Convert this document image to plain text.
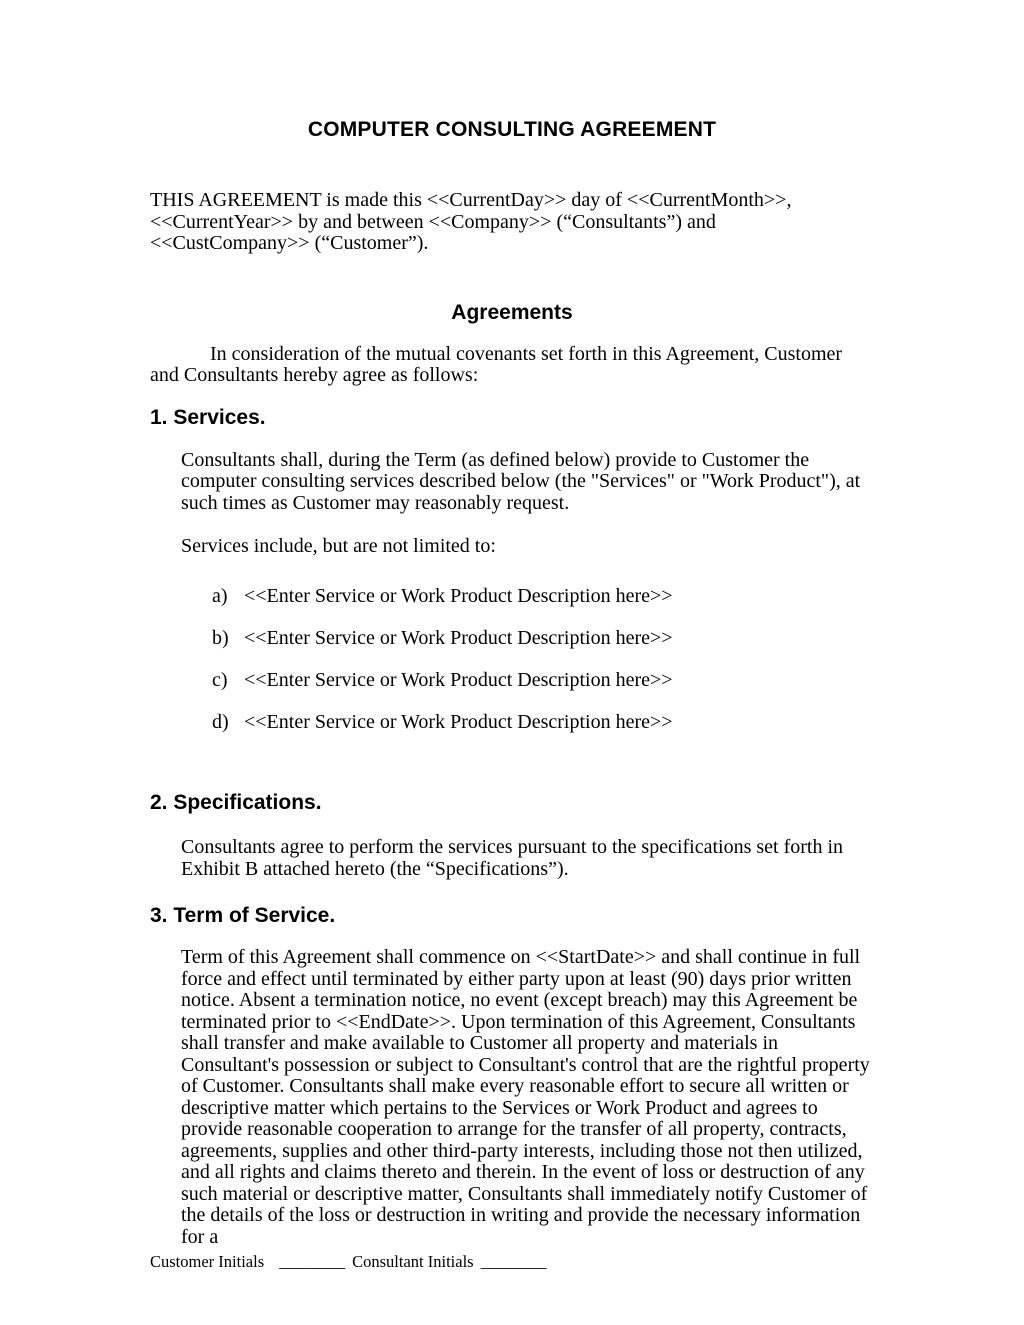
COMPUTER CONSULTING AGREEMENT

THIS AGREEMENT is made this <<CurrentDay>> day of <<CurrentMonth>>, <<CurrentYear>> by and between <<Company>> (“Consultants”) and <<CustCompany>> (“Customer”).

Agreements

In consideration of the mutual covenants set forth in this Agreement, Customer and Consultants hereby agree as follows:

1. Services.

Consultants shall, during the Term (as defined below) provide to Customer the computer consulting services described below (the "Services" or "Work Product"), at such times as Customer may reasonably request.

Services include, but are not limited to:

a) <<Enter Service or Work Product Description here>>
b) <<Enter Service or Work Product Description here>>
c) <<Enter Service or Work Product Description here>>
d) <<Enter Service or Work Product Description here>>
2. Specifications.

Consultants agree to perform the services pursuant to the specifications set forth in Exhibit B attached hereto (the “Specifications”).

3. Term of Service.

Term of this Agreement shall commence on <<StartDate>> and shall continue in full force and effect until terminated by either party upon at least (90) days prior written notice. Absent a termination notice, no event (except breach) may this Agreement be terminated prior to <<EndDate>>. Upon termination of this Agreement, Consultants shall transfer and make available to Customer all property and materials in Consultant's possession or subject to Consultant's control that are the rightful property of Customer. Consultants shall make every reasonable effort to secure all written or descriptive matter which pertains to the Services or Work Product and agrees to provide reasonable cooperation to arrange for the transfer of all property, contracts, agreements, supplies and other third-party interests, including those not then utilized, and all rights and claims thereto and therein. In the event of loss or destruction of any such material or descriptive matter, Consultants shall immediately notify Customer of the details of the loss or destruction in writing and provide the necessary information for a

Customer Initials ________ Consultant Initials ________
